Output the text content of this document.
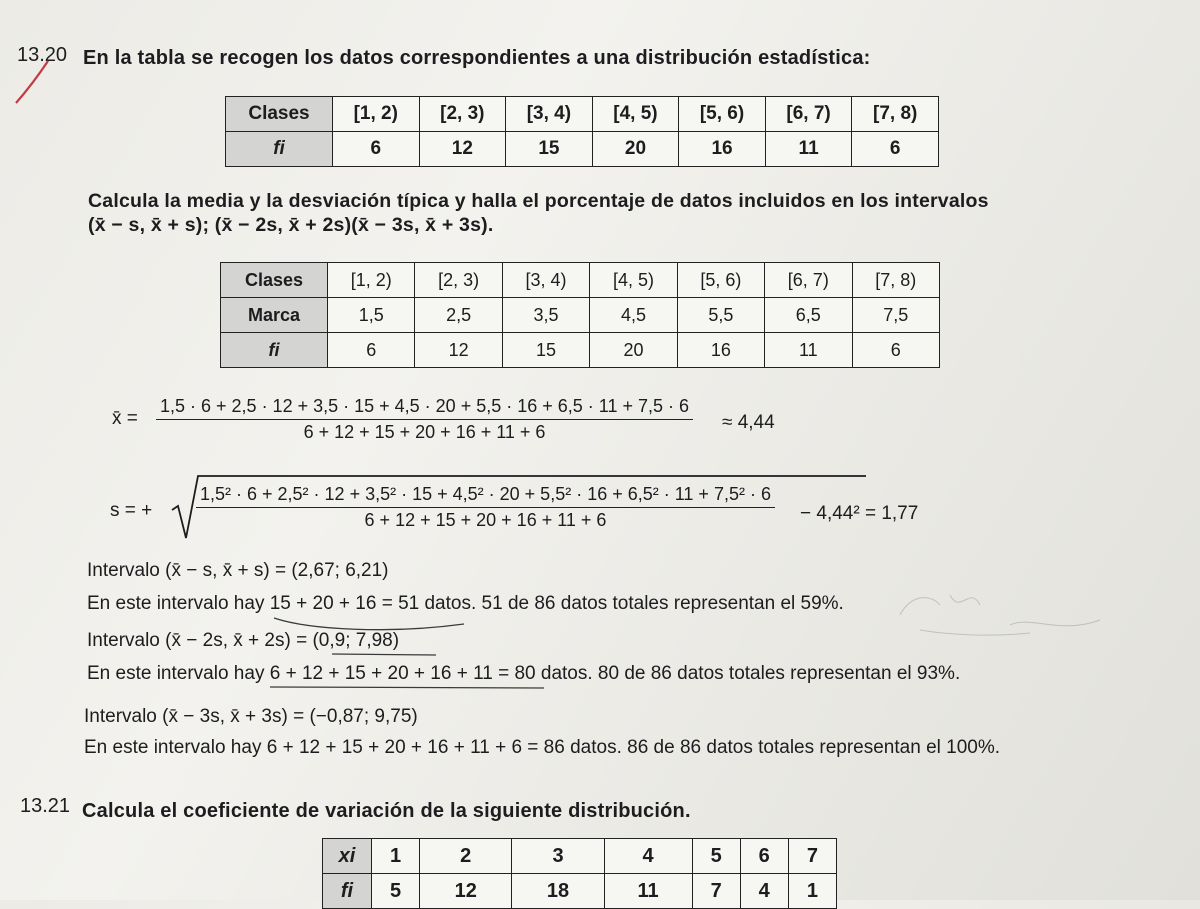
13.20 En la tabla se recogen los datos correspondientes a una distribución estadística:
Clases	[1, 2)	[2, 3)	[3, 4)	[4, 5)	[5, 6)	[6, 7)	[7, 8)
fi	6	12	15	20	16	11	6
Calcula la media y la desviación típica y halla el porcentaje de datos incluidos en los intervalos
(x̄ − s, x̄ + s); (x̄ − 2s, x̄ + 2s)(x̄ − 3s, x̄ + 3s).
Clases	[1, 2)	[2, 3)	[3, 4)	[4, 5)	[5, 6)	[6, 7)	[7, 8)
Marca	1,5	2,5	3,5	4,5	5,5	6,5	7,5
fi	6	12	15	20	16	11	6
x̄ =
1,5 · 6 + 2,5 · 12 + 3,5 · 15 + 4,5 · 20 + 5,5 · 16 + 6,5 · 11 + 7,5 · 6
6 + 12 + 15 + 20 + 16 + 11 + 6	≈ 4,44
s = +
1,5² · 6 + 2,5² · 12 + 3,5² · 15 + 4,5² · 20 + 5,5² · 16 + 6,5² · 11 + 7,5² · 6
6 + 12 + 15 + 20 + 16 + 11 + 6	− 4,44² = 1,77
Intervalo (x̄ − s, x̄ + s) = (2,67; 6,21)
En este intervalo hay 15 + 20 + 16 = 51 datos. 51 de 86 datos totales representan el 59%.
Intervalo (x̄ − 2s, x̄ + 2s) = (0,9; 7,98)
En este intervalo hay 6 + 12 + 15 + 20 + 16 + 11 = 80 datos. 80 de 86 datos totales representan el 93%.
Intervalo (x̄ − 3s, x̄ + 3s) = (−0,87; 9,75)
En este intervalo hay 6 + 12 + 15 + 20 + 16 + 11 + 6 = 86 datos. 86 de 86 datos totales representan el 100%.
13.21 Calcula el coeficiente de variación de la siguiente distribución.
xi	1	2	3	4	5	6	7
fi	5	12	18	11	7	4	1
